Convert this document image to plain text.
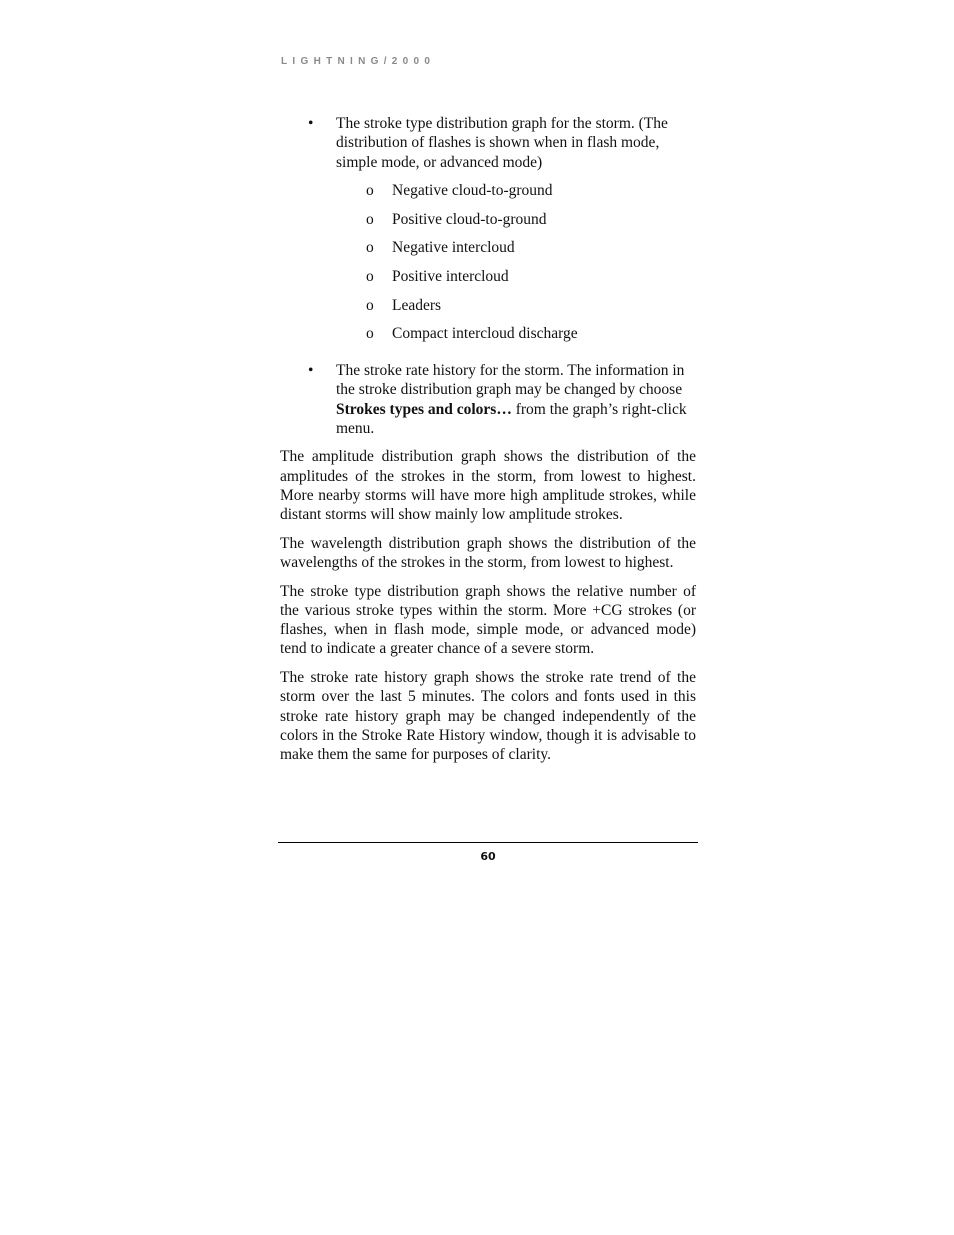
LIGHTNING/2000
• The stroke type distribution graph for the storm. (The distribution of flashes is shown when in flash mode, simple mode, or advanced mode)
o Negative cloud-to-ground
o Positive cloud-to-ground
o Negative intercloud
o Positive intercloud
o Leaders
o Compact intercloud discharge
• The stroke rate history for the storm. The information in the stroke distribution graph may be changed by choose Strokes types and colors… from the graph’s right-click menu.

The amplitude distribution graph shows the distribution of the amplitudes of the strokes in the storm, from lowest to highest. More nearby storms will have more high amplitude strokes, while distant storms will show mainly low amplitude strokes.

The wavelength distribution graph shows the distribution of the wavelengths of the strokes in the storm, from lowest to highest.

The stroke type distribution graph shows the relative number of the various stroke types within the storm. More +CG strokes (or flashes, when in flash mode, simple mode, or advanced mode) tend to indicate a greater chance of a severe storm.

The stroke rate history graph shows the stroke rate trend of the storm over the last 5 minutes. The colors and fonts used in this stroke rate history graph may be changed independently of the colors in the Stroke Rate History window, though it is advisable to make them the same for purposes of clarity.

60
